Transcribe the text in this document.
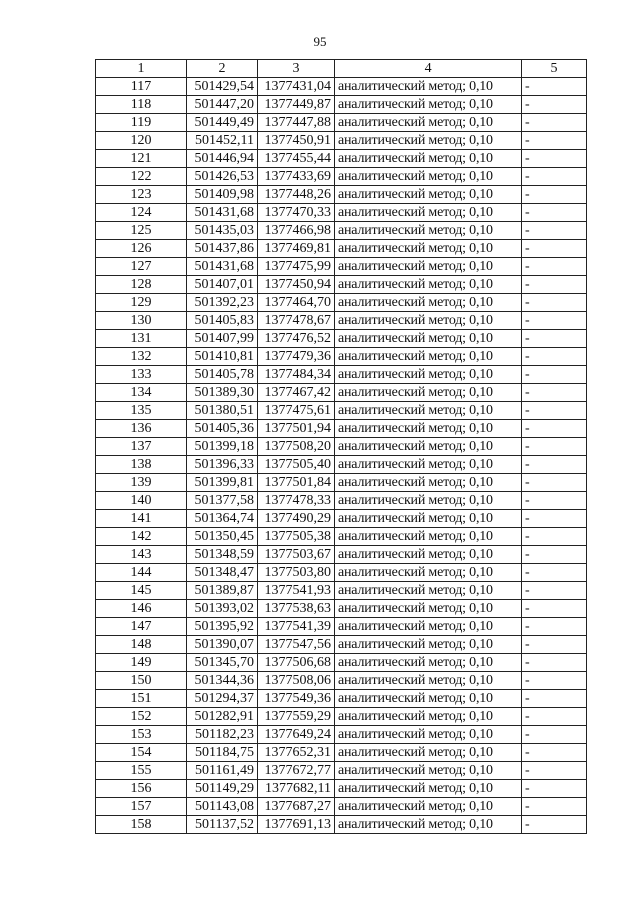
95
1	2	3	4	5
117	501429,54	1377431,04	аналитический метод; 0,10	-
118	501447,20	1377449,87	аналитический метод; 0,10	-
119	501449,49	1377447,88	аналитический метод; 0,10	-
120	501452,11	1377450,91	аналитический метод; 0,10	-
121	501446,94	1377455,44	аналитический метод; 0,10	-
122	501426,53	1377433,69	аналитический метод; 0,10	-
123	501409,98	1377448,26	аналитический метод; 0,10	-
124	501431,68	1377470,33	аналитический метод; 0,10	-
125	501435,03	1377466,98	аналитический метод; 0,10	-
126	501437,86	1377469,81	аналитический метод; 0,10	-
127	501431,68	1377475,99	аналитический метод; 0,10	-
128	501407,01	1377450,94	аналитический метод; 0,10	-
129	501392,23	1377464,70	аналитический метод; 0,10	-
130	501405,83	1377478,67	аналитический метод; 0,10	-
131	501407,99	1377476,52	аналитический метод; 0,10	-
132	501410,81	1377479,36	аналитический метод; 0,10	-
133	501405,78	1377484,34	аналитический метод; 0,10	-
134	501389,30	1377467,42	аналитический метод; 0,10	-
135	501380,51	1377475,61	аналитический метод; 0,10	-
136	501405,36	1377501,94	аналитический метод; 0,10	-
137	501399,18	1377508,20	аналитический метод; 0,10	-
138	501396,33	1377505,40	аналитический метод; 0,10	-
139	501399,81	1377501,84	аналитический метод; 0,10	-
140	501377,58	1377478,33	аналитический метод; 0,10	-
141	501364,74	1377490,29	аналитический метод; 0,10	-
142	501350,45	1377505,38	аналитический метод; 0,10	-
143	501348,59	1377503,67	аналитический метод; 0,10	-
144	501348,47	1377503,80	аналитический метод; 0,10	-
145	501389,87	1377541,93	аналитический метод; 0,10	-
146	501393,02	1377538,63	аналитический метод; 0,10	-
147	501395,92	1377541,39	аналитический метод; 0,10	-
148	501390,07	1377547,56	аналитический метод; 0,10	-
149	501345,70	1377506,68	аналитический метод; 0,10	-
150	501344,36	1377508,06	аналитический метод; 0,10	-
151	501294,37	1377549,36	аналитический метод; 0,10	-
152	501282,91	1377559,29	аналитический метод; 0,10	-
153	501182,23	1377649,24	аналитический метод; 0,10	-
154	501184,75	1377652,31	аналитический метод; 0,10	-
155	501161,49	1377672,77	аналитический метод; 0,10	-
156	501149,29	1377682,11	аналитический метод; 0,10	-
157	501143,08	1377687,27	аналитический метод; 0,10	-
158	501137,52	1377691,13	аналитический метод; 0,10	-
